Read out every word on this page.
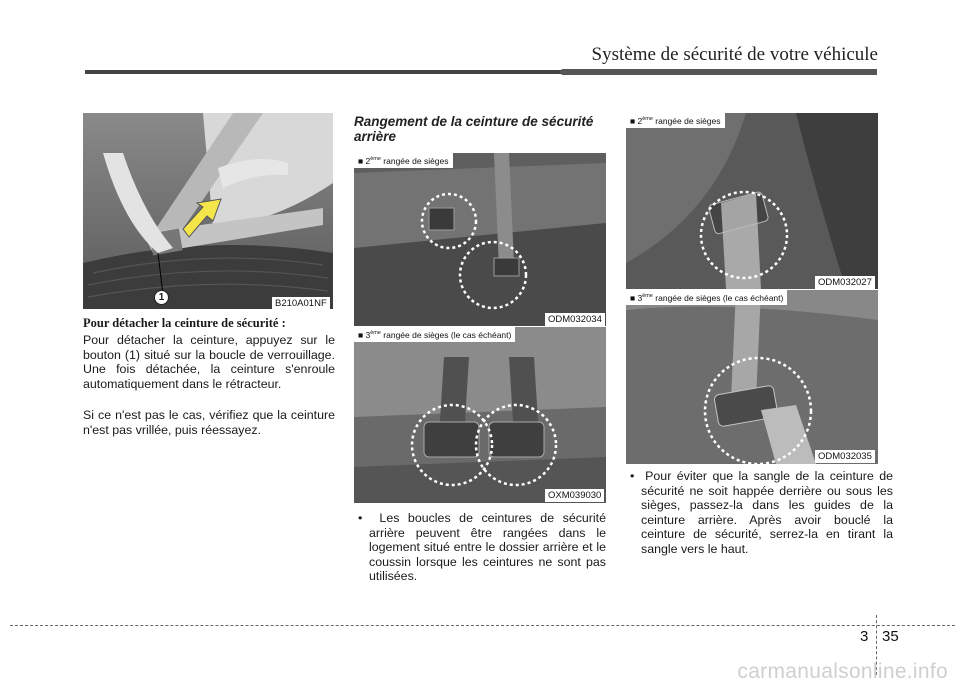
Système de sécurité de votre véhicule
1
B210A01NF
Pour détacher la ceinture de sécurité :
Pour détacher la ceinture, appuyez sur le bouton (1) situé sur la boucle de verrouillage. Une fois détachée, la ceinture s'enroule automatiquement dans le rétracteur.
Si ce n'est pas le cas, vérifiez que la ceinture n'est pas vrillée, puis réessayez.
Rangement de la ceinture de sécurité arrière
■ 2ème rangée de sièges
ODM032034
■ 3ème rangée de sièges (le cas échéant)
OXM039030
• Les boucles de ceintures de sécurité arrière peuvent être rangées dans le logement situé entre le dossier arrière et le coussin lorsque les ceintures ne sont pas utilisées.
■ 2ème rangée de sièges
ODM032027
■ 3ème rangée de sièges (le cas échéant)
ODM032035
• Pour éviter que la sangle de la ceinture de sécurité ne soit happée derrière ou sous les sièges, passez-la dans les guides de la ceinture arrière. Après avoir bouclé la ceinture de sécurité, serrez-la en tirant la sangle vers le haut.
3 35
carmanualsonline.info
